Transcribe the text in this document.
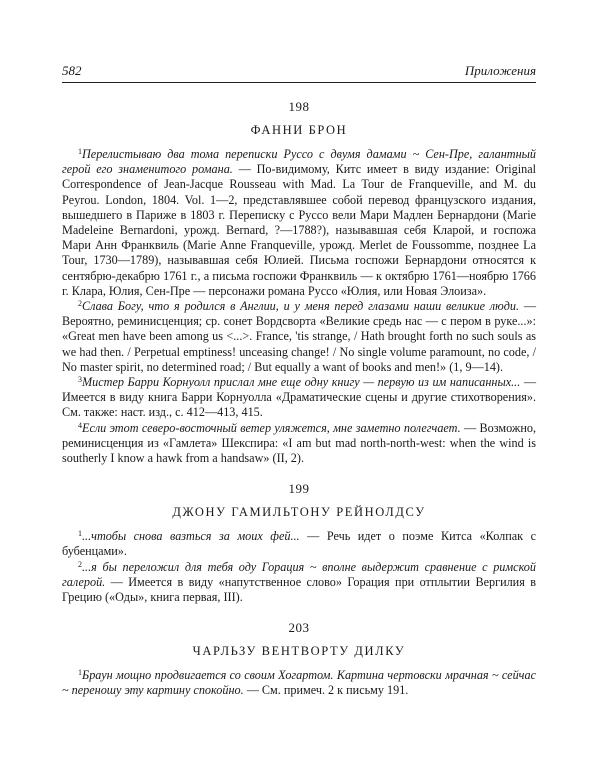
582	Приложения

198

ФАННИ БРОН

$^1$Перелистываю два тома переписки Руссо с двумя дамами ~ Сен-Пре, галантный герой его знаменитого романа. — По-видимому, Китс имеет в виду издание: Original Correspondence of Jean-Jacque Rousseau with Mad. La Tour de Franqueville, and M. du Peyrou. London, 1804. Vol. 1—2, представлявшее собой перевод французского издания, вышедшего в Париже в 1803 г. Переписку с Руссо вели Мари Мадлен Бернардони (Marie Madeleine Bernardoni, урожд. Bernard, ?—1788?), называвшая себя Кларой, и госпожа Мари Анн Франквиль (Marie Anne Franqueville, урожд. Merlet de Foussomme, позднее La Tour, 1730—1789), называвшая себя Юлией. Письма госпожи Бернардони относятся к сентябрю-декабрю 1761 г., а письма госпожи Франквиль — к октябрю 1761—ноябрю 1766 г. Клара, Юлия, Сен-Пре — персонажи романа Руссо «Юлия, или Новая Элоиза».

$^2$Слава Богу, что я родился в Англии, и у меня перед глазами наши великие люди. — Вероятно, реминисценция; ср. сонет Вордсворта «Великие средь нас — с пером в руке...»: «Great men have been among us <...>. France, 'tis strange, / Hath brought forth no such souls as we had then. / Perpetual emptiness! unceasing change! / No single volume paramount, no code, / No master spirit, no determined road; / But equally a want of books and men!» (1, 9—14).

$^3$Мистер Барри Корнуолл прислал мне еще одну книгу — первую из им написанных... — Имеется в виду книга Барри Корнуолла «Драматические сцены и другие стихотворения». См. также: наст. изд., с. 412—413, 415.

$^4$Если этот северо-восточный ветер уляжется, мне заметно полегчает. — Возможно, реминисценция из «Гамлета» Шекспира: «I am but mad north-north-west: when the wind is southerly I know a hawk from a handsaw» (II, 2).

199

ДЖОНУ ГАМИЛЬТОНУ РЕЙНОЛДСУ

$^1$...чтобы снова вазться за моих фей... — Речь идет о поэме Китса «Колпак с бубенцами».

$^2$...я бы переложил для тебя оду Горация ~ вполне выдержит сравнение с римской галерой. — Имеется в виду «напутственное слово» Горация при отплытии Вергилия в Грецию («Оды», книга первая, III).

203

ЧАРЛЬЗУ ВЕНТВОРТУ ДИЛКУ

$^1$Браун мощно продвигается со своим Хогартом. Картина чертовски мрачная ~ сейчас ~ переношу эту картину спокойно. — См. примеч. 2 к письму 191.
